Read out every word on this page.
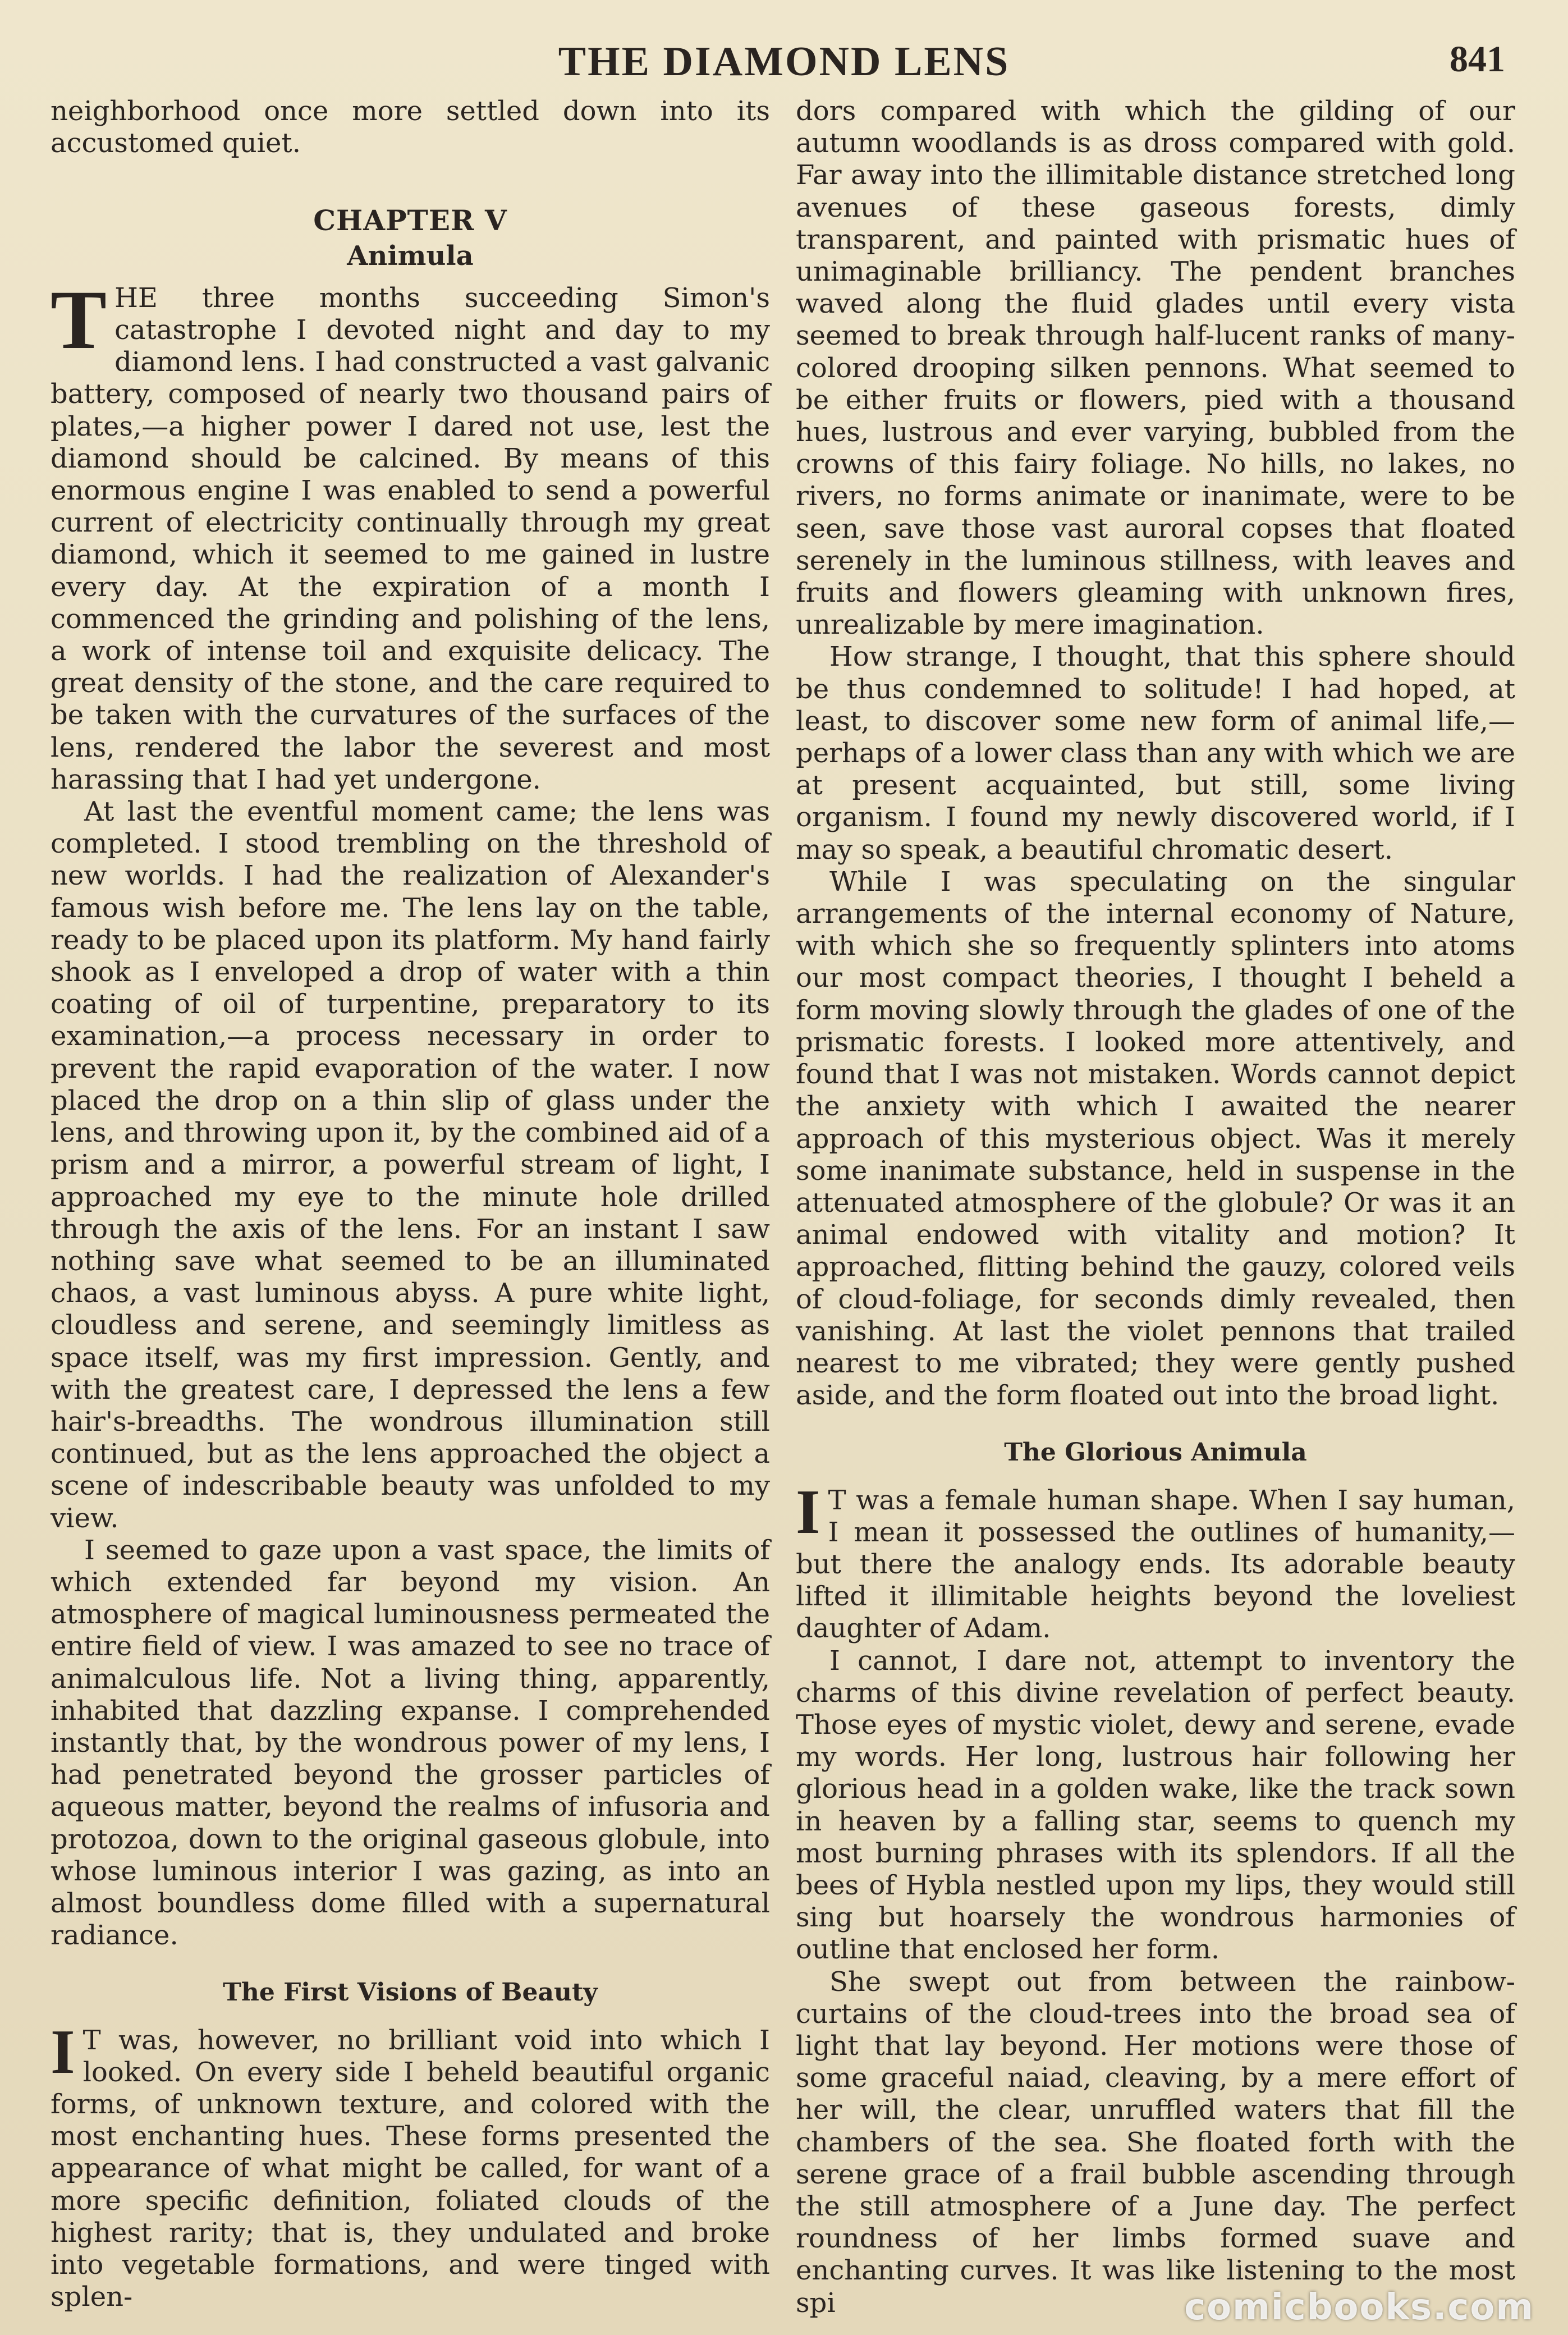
THE DIAMOND LENS	841

neighborhood once more settled down into its accustomed quiet.

CHAPTER V
Animula

THE three months succeeding Simon's catastrophe I devoted night and day to my diamond lens. I had constructed a vast galvanic battery, composed of nearly two thousand pairs of plates,—a higher power I dared not use, lest the diamond should be calcined. By means of this enormous engine I was enabled to send a powerful current of electricity continually through my great diamond, which it seemed to me gained in lustre every day. At the expiration of a month I commenced the grinding and polishing of the lens, a work of intense toil and exquisite delicacy. The great density of the stone, and the care required to be taken with the curvatures of the surfaces of the lens, rendered the labor the severest and most harassing that I had yet undergone.

At last the eventful moment came; the lens was completed. I stood trembling on the threshold of new worlds. I had the realization of Alexander's famous wish before me. The lens lay on the table, ready to be placed upon its platform. My hand fairly shook as I enveloped a drop of water with a thin coating of oil of turpentine, preparatory to its examination,—a process necessary in order to prevent the rapid evaporation of the water. I now placed the drop on a thin slip of glass under the lens, and throwing upon it, by the combined aid of a prism and a mirror, a powerful stream of light, I approached my eye to the minute hole drilled through the axis of the lens. For an instant I saw nothing save what seemed to be an illuminated chaos, a vast luminous abyss. A pure white light, cloudless and serene, and seemingly limitless as space itself, was my first impression. Gently, and with the greatest care, I depressed the lens a few hair's-breadths. The wondrous illumination still continued, but as the lens approached the object a scene of indescribable beauty was unfolded to my view.

I seemed to gaze upon a vast space, the limits of which extended far beyond my vision. An atmosphere of magical luminousness permeated the entire field of view. I was amazed to see no trace of animalculous life. Not a living thing, apparently, inhabited that dazzling expanse. I comprehended instantly that, by the wondrous power of my lens, I had penetrated beyond the grosser particles of aqueous matter, beyond the realms of infusoria and protozoa, down to the original gaseous globule, into whose luminous interior I was gazing, as into an almost boundless dome filled with a supernatural radiance.

The First Visions of Beauty

I T was, however, no brilliant void into which I looked. On every side I beheld beautiful organic forms, of unknown texture, and colored with the most enchanting hues. These forms presented the appearance of what might be called, for want of a more specific definition, foliated clouds of the highest rarity; that is, they undulated and broke into vegetable formations, and were tinged with splen-

dors compared with which the gilding of our autumn woodlands is as dross compared with gold. Far away into the illimitable distance stretched long avenues of these gaseous forests, dimly transparent, and painted with prismatic hues of unimaginable brilliancy. The pendent branches waved along the fluid glades until every vista seemed to break through half-lucent ranks of many-colored drooping silken pennons. What seemed to be either fruits or flowers, pied with a thousand hues, lustrous and ever varying, bubbled from the crowns of this fairy foliage. No hills, no lakes, no rivers, no forms animate or inanimate, were to be seen, save those vast auroral copses that floated serenely in the luminous stillness, with leaves and fruits and flowers gleaming with unknown fires, unrealizable by mere imagination.

How strange, I thought, that this sphere should be thus condemned to solitude! I had hoped, at least, to discover some new form of animal life,—perhaps of a lower class than any with which we are at present acquainted, but still, some living organism. I found my newly discovered world, if I may so speak, a beautiful chromatic desert.

While I was speculating on the singular arrangements of the internal economy of Nature, with which she so frequently splinters into atoms our most compact theories, I thought I beheld a form moving slowly through the glades of one of the prismatic forests. I looked more attentively, and found that I was not mistaken. Words cannot depict the anxiety with which I awaited the nearer approach of this mysterious object. Was it merely some inanimate substance, held in suspense in the attenuated atmosphere of the globule? Or was it an animal endowed with vitality and motion? It approached, flitting behind the gauzy, colored veils of cloud-foliage, for seconds dimly revealed, then vanishing. At last the violet pennons that trailed nearest to me vibrated; they were gently pushed aside, and the form floated out into the broad light.

The Glorious Animula

I T was a female human shape. When I say human, I mean it possessed the outlines of humanity,—but there the analogy ends. Its adorable beauty lifted it illimitable heights beyond the loveliest daughter of Adam.

I cannot, I dare not, attempt to inventory the charms of this divine revelation of perfect beauty. Those eyes of mystic violet, dewy and serene, evade my words. Her long, lustrous hair following her glorious head in a golden wake, like the track sown in heaven by a falling star, seems to quench my most burning phrases with its splendors. If all the bees of Hybla nestled upon my lips, they would still sing but hoarsely the wondrous harmonies of outline that enclosed her form.

She swept out from between the rainbow-curtains of the cloud-trees into the broad sea of light that lay beyond. Her motions were those of some graceful naiad, cleaving, by a mere effort of her will, the clear, unruffled waters that fill the chambers of the sea. She floated forth with the serene grace of a frail bubble ascending through the still atmosphere of a June day. The perfect roundness of her limbs formed suave and enchanting curves. It was like listening to the most spi	comicbooks.com
